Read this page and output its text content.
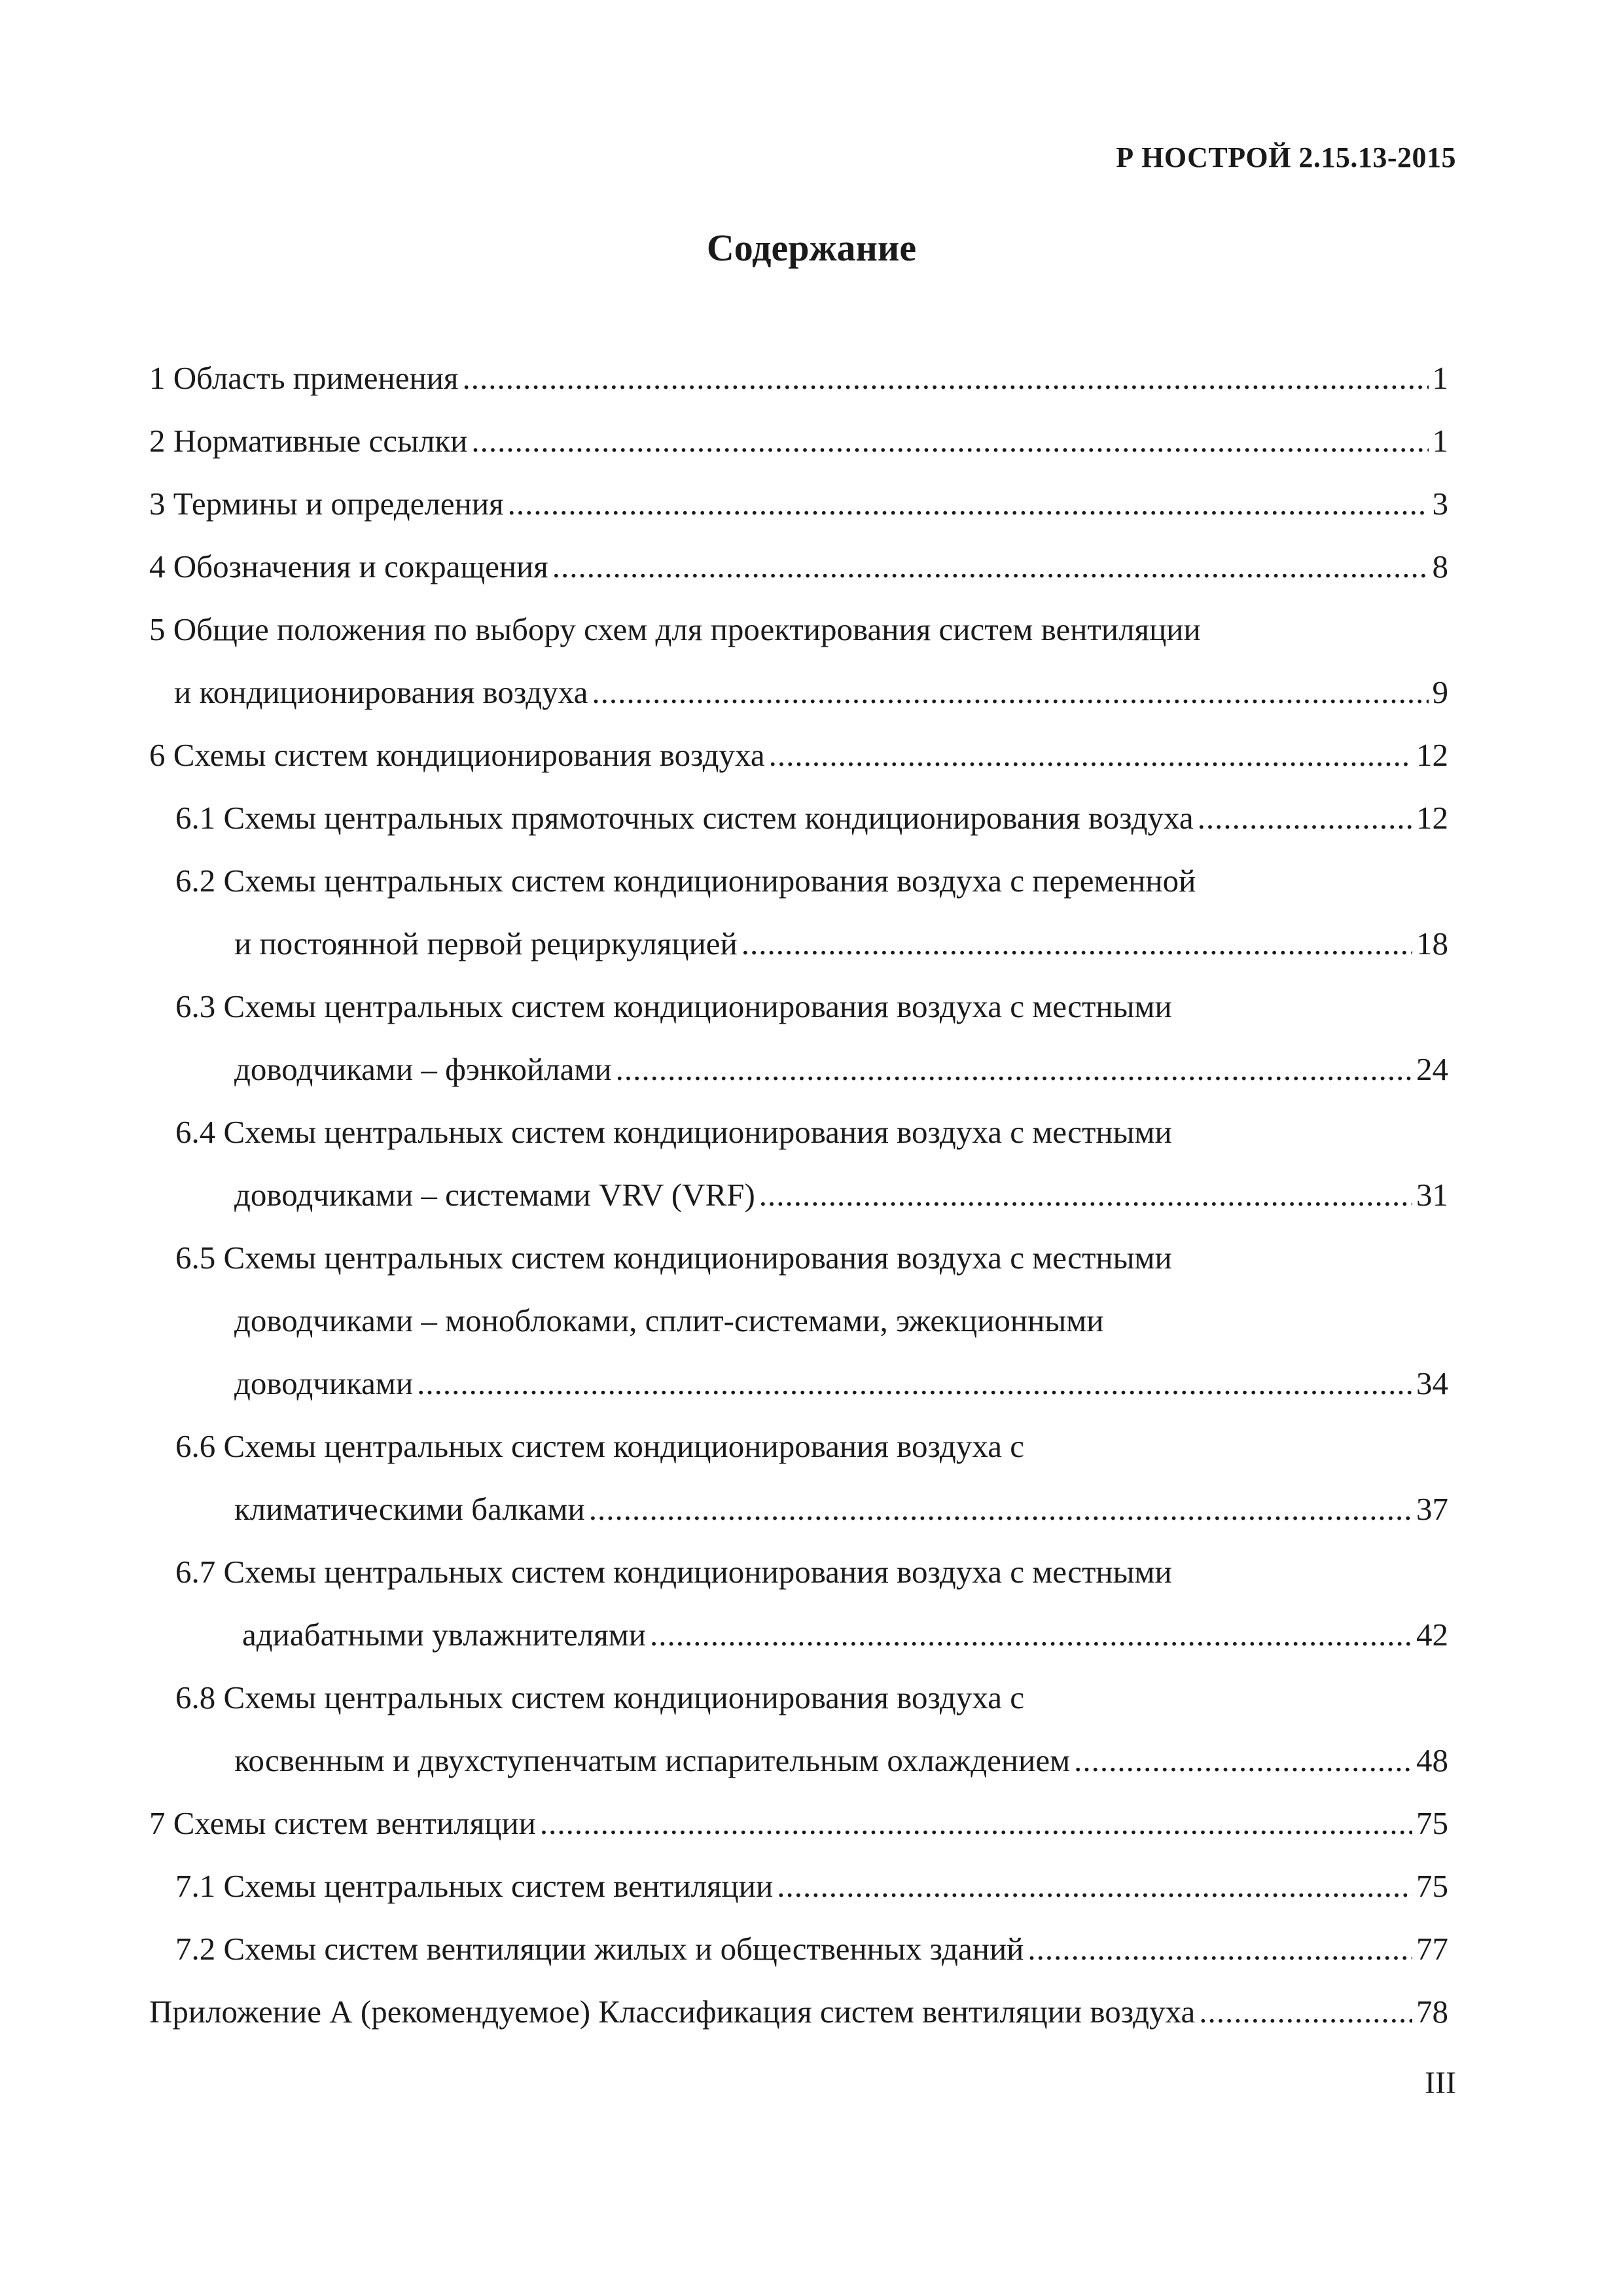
Р НОСТРОЙ 2.15.13-2015
Содержание
1 Область применения .....	1
2 Нормативные ссылки .....	1
3 Термины и определения .....	3
4 Обозначения и сокращения .....	8
5 Общие положения по выбору схем для проектирования систем вентиляции
и кондиционирования воздуха .....	9
6 Схемы систем кондиционирования воздуха .....	12
6.1 Схемы центральных прямоточных систем кондиционирования воздуха .....	12
6.2 Схемы центральных систем кондиционирования воздуха с переменной
и постоянной первой рециркуляцией .....	18
6.3 Схемы центральных систем кондиционирования воздуха с местными
доводчиками – фэнкойлами .....	24
6.4 Схемы центральных систем кондиционирования воздуха с местными
доводчиками – системами VRV (VRF) .....	31
6.5 Схемы центральных систем кондиционирования воздуха с местными
доводчиками – моноблоками, сплит-системами, эжекционными
доводчиками .....	34
6.6 Схемы центральных систем кондиционирования воздуха с
климатическими балками .....	37
6.7 Схемы центральных систем кондиционирования воздуха с местными
адиабатными увлажнителями .....	42
6.8 Схемы центральных систем кондиционирования воздуха с
косвенным и двухступенчатым испарительным охлаждением .....	48
7 Схемы систем вентиляции .....	75
7.1 Схемы центральных систем вентиляции .....	75
7.2 Схемы систем вентиляции жилых и общественных зданий .....	77
Приложение А (рекомендуемое) Классификация систем вентиляции воздуха .....	78
III
